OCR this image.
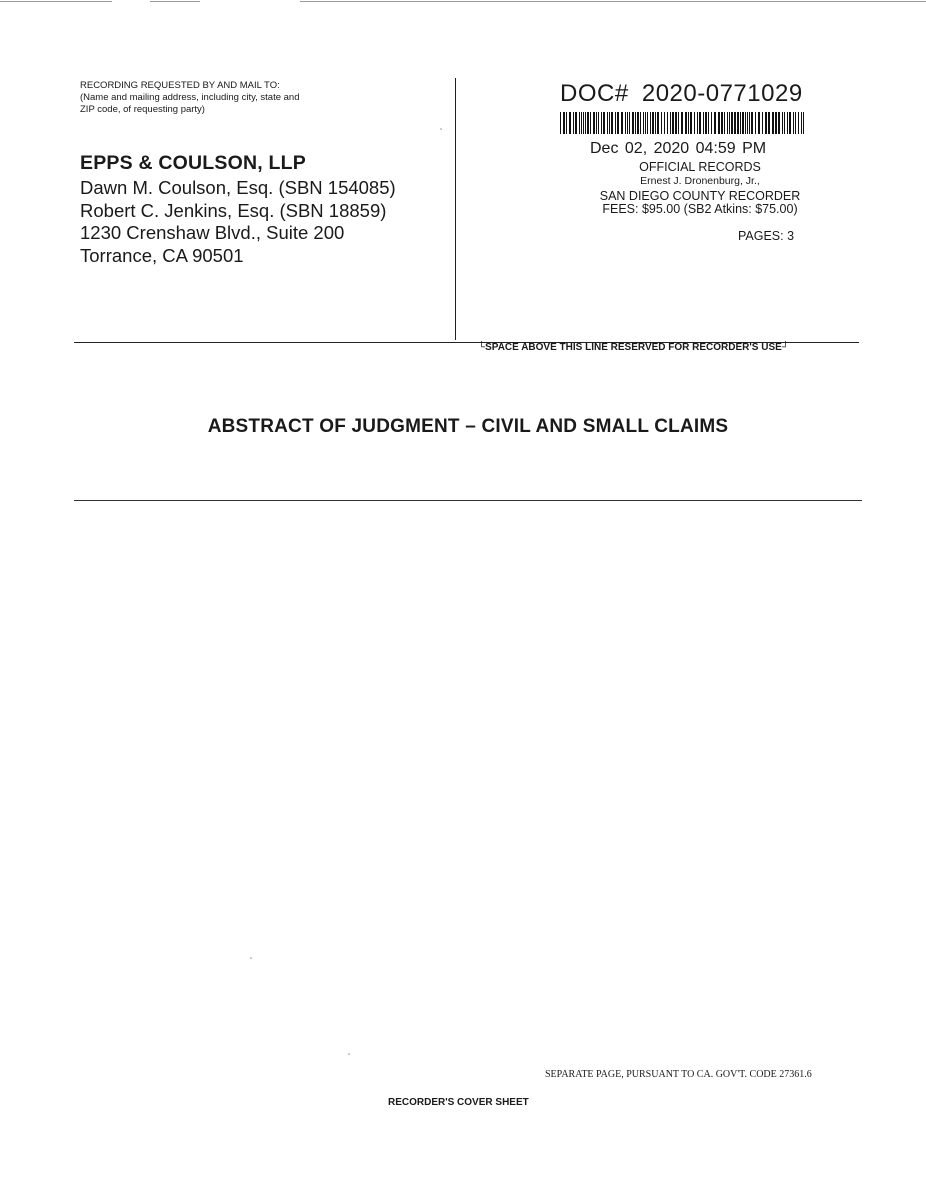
RECORDING REQUESTED BY AND MAIL TO:
(Name and mailing address, including city, state and
ZIP code, of requesting party)
EPPS & COULSON, LLP
Dawn M. Coulson, Esq. (SBN 154085)
Robert C. Jenkins, Esq. (SBN 18859)
1230 Crenshaw Blvd., Suite 200
Torrance, CA 90501
DOC# 2020-0771029
Dec 02, 2020 04:59 PM
OFFICIAL RECORDS
Ernest J. Dronenburg, Jr.,
SAN DIEGO COUNTY RECORDER
FEES: $95.00 (SB2 Atkins: $75.00)
PAGES: 3
└SPACE ABOVE THIS LINE RESERVED FOR RECORDER'S USE┘
ABSTRACT OF JUDGMENT – CIVIL AND SMALL CLAIMS
SEPARATE PAGE, PURSUANT TO CA. GOV'T. CODE 27361.6
RECORDER'S COVER SHEET
